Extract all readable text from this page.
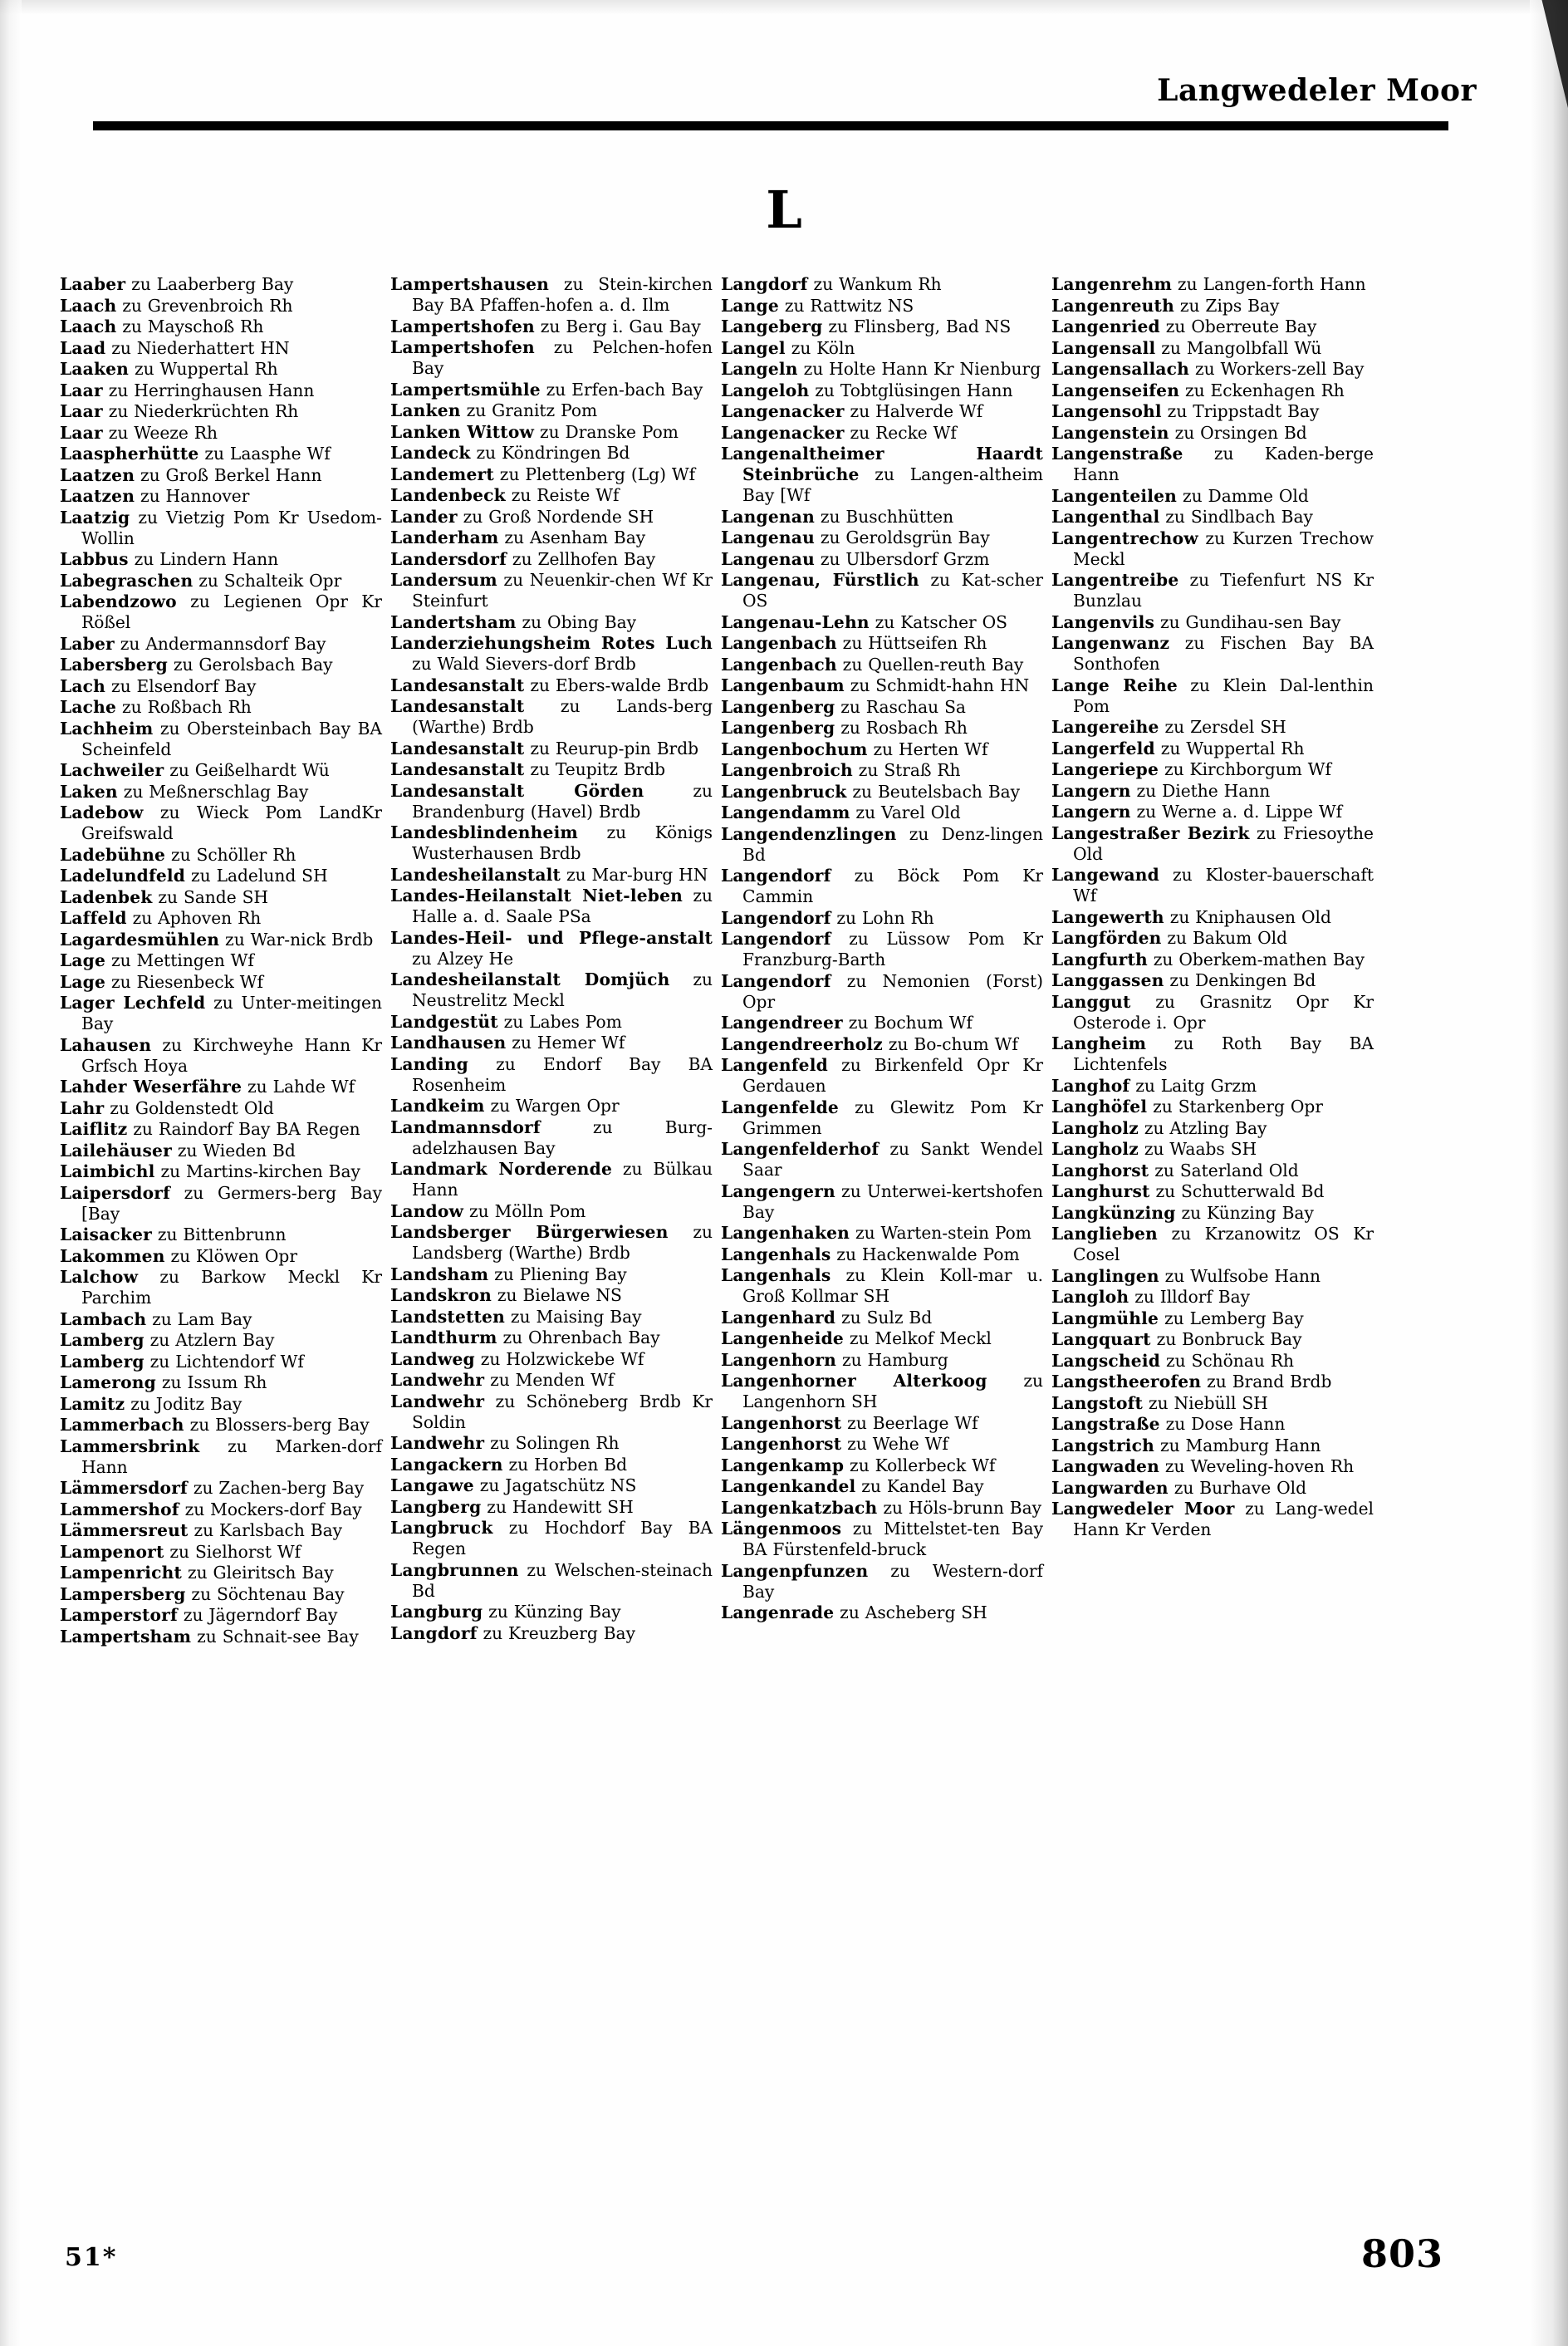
Langwedeler Moor
L

Laaber zu Laaberberg Bay

Laach zu Grevenbroich Rh

Laach zu Mayschoß Rh

Laad zu Niederhattert HN

Laaken zu Wuppertal Rh

Laar zu Herringhausen Hann

Laar zu Niederkrüchten Rh

Laar zu Weeze Rh

Laaspherhütte zu Laasphe Wf

Laatzen zu Groß Berkel Hann

Laatzen zu Hannover

Laatzig zu Vietzig Pom Kr Usedom-Wollin

Labbus zu Lindern Hann

Labegraschen zu Schalteik Opr

Labendzowo zu Legienen Opr Kr Rößel

Laber zu Andermannsdorf Bay

Labersberg zu Gerolsbach Bay

Lach zu Elsendorf Bay

Lache zu Roßbach Rh

Lachheim zu Obersteinbach Bay BA Scheinfeld

Lachweiler zu Geißelhardt Wü

Laken zu Meßnerschlag Bay

Ladebow zu Wieck Pom LandKr Greifswald

Ladebühne zu Schöller Rh

Ladelundfeld zu Ladelund SH

Ladenbek zu Sande SH

Laffeld zu Aphoven Rh

Lagardesmühlen zu War-nick Brdb

Lage zu Mettingen Wf

Lage zu Riesenbeck Wf

Lager Lechfeld zu Unter-meitingen Bay

Lahausen zu Kirchweyhe Hann Kr Grfsch Hoya

Lahder Weserfähre zu Lahde Wf

Lahr zu Goldenstedt Old

Laiflitz zu Raindorf Bay BA Regen

Lailehäuser zu Wieden Bd

Laimbichl zu Martins-kirchen Bay

Laipersdorf zu Germers-berg Bay [Bay

Laisacker zu Bittenbrunn

Lakommen zu Klöwen Opr

Lalchow zu Barkow Meckl Kr Parchim

Lambach zu Lam Bay

Lamberg zu Atzlern Bay

Lamberg zu Lichtendorf Wf

Lamerong zu Issum Rh

Lamitz zu Joditz Bay

Lammerbach zu Blossers-berg Bay

Lammersbrink zu Marken-dorf Hann

Lämmersdorf zu Zachen-berg Bay

Lammershof zu Mockers-dorf Bay

Lämmersreut zu Karlsbach Bay

Lampenort zu Sielhorst Wf

Lampenricht zu Gleiritsch Bay

Lampersberg zu Söchtenau Bay

Lamperstorf zu Jägerndorf Bay

Lampertsham zu Schnait-see Bay

Lampertshausen zu Stein-kirchen Bay BA Pfaffen-hofen a. d. Ilm

Lampertshofen zu Berg i. Gau Bay

Lampertshofen zu Pelchen-hofen Bay

Lampertsmühle zu Erfen-bach Bay

Lanken zu Granitz Pom

Lanken Wittow zu Dranske Pom

Landeck zu Köndringen Bd

Landemert zu Plettenberg (Lg) Wf

Landenbeck zu Reiste Wf

Lander zu Groß Nordende SH

Landerham zu Asenham Bay

Landersdorf zu Zellhofen Bay

Landersum zu Neuenkir-chen Wf Kr Steinfurt

Landertsham zu Obing Bay

Landerziehungsheim Rotes Luch zu Wald Sievers-dorf Brdb

Landesanstalt zu Ebers-walde Brdb

Landesanstalt zu Lands-berg (Warthe) Brdb

Landesanstalt zu Reurup-pin Brdb

Landesanstalt zu Teupitz Brdb

Landesanstalt Görden zu Brandenburg (Havel) Brdb

Landesblindenheim zu Königs Wusterhausen Brdb

Landesheilanstalt zu Mar-burg HN

Landes-Heilanstalt Niet-leben zu Halle a. d. Saale PSa

Landes-Heil- und Pflege-anstalt zu Alzey He

Landesheilanstalt Domjüch zu Neustrelitz Meckl

Landgestüt zu Labes Pom

Landhausen zu Hemer Wf

Landing zu Endorf Bay BA Rosenheim

Landkeim zu Wargen Opr

Landmannsdorf zu Burg-adelzhausen Bay

Landmark Norderende zu Bülkau Hann

Landow zu Mölln Pom

Landsberger Bürgerwiesen zu Landsberg (Warthe) Brdb

Landsham zu Pliening Bay

Landskron zu Bielawe NS

Landstetten zu Maising Bay

Landthurm zu Ohrenbach Bay

Landweg zu Holzwickebe Wf

Landwehr zu Menden Wf

Landwehr zu Schöneberg Brdb Kr Soldin

Landwehr zu Solingen Rh

Langackern zu Horben Bd

Langawe zu Jagatschütz NS

Langberg zu Handewitt SH

Langbruck zu Hochdorf Bay BA Regen

Langbrunnen zu Welschen-steinach Bd

Langburg zu Künzing Bay

Langdorf zu Kreuzberg Bay

Langdorf zu Wankum Rh

Lange zu Rattwitz NS

Langeberg zu Flinsberg, Bad NS

Langel zu Köln

Langeln zu Holte Hann Kr Nienburg

Langeloh zu Tobtglüsingen Hann

Langenacker zu Halverde Wf

Langenacker zu Recke Wf

Langenaltheimer Haardt Steinbrüche zu Langen-altheim Bay [Wf

Langenan zu Buschhütten

Langenau zu Geroldsgrün Bay

Langenau zu Ulbersdorf Grzm

Langenau, Fürstlich zu Kat-scher OS

Langenau-Lehn zu Katscher OS

Langenbach zu Hüttseifen Rh

Langenbach zu Quellen-reuth Bay

Langenbaum zu Schmidt-hahn HN

Langenberg zu Raschau Sa

Langenberg zu Rosbach Rh

Langenbochum zu Herten Wf

Langenbroich zu Straß Rh

Langenbruck zu Beutelsbach Bay

Langendamm zu Varel Old

Langendenzlingen zu Denz-lingen Bd

Langendorf zu Böck Pom Kr Cammin

Langendorf zu Lohn Rh

Langendorf zu Lüssow Pom Kr Franzburg-Barth

Langendorf zu Nemonien (Forst) Opr

Langendreer zu Bochum Wf

Langendreerholz zu Bo-chum Wf

Langenfeld zu Birkenfeld Opr Kr Gerdauen

Langenfelde zu Glewitz Pom Kr Grimmen

Langenfelderhof zu Sankt Wendel Saar

Langengern zu Unterwei-kertshofen Bay

Langenhaken zu Warten-stein Pom

Langenhals zu Hackenwalde Pom

Langenhals zu Klein Koll-mar u. Groß Kollmar SH

Langenhard zu Sulz Bd

Langenheide zu Melkof Meckl

Langenhorn zu Hamburg

Langenhorner Alterkoog zu Langenhorn SH

Langenhorst zu Beerlage Wf

Langenhorst zu Wehe Wf

Langenkamp zu Kollerbeck Wf

Langenkandel zu Kandel Bay

Langenkatzbach zu Höls-brunn Bay

Längenmoos zu Mittelstet-ten Bay BA Fürstenfeld-bruck

Langenpfunzen zu Western-dorf Bay

Langenrade zu Ascheberg SH

Langenrehm zu Langen-forth Hann

Langenreuth zu Zips Bay

Langenried zu Oberreute Bay

Langensall zu Mangolbfall Wü

Langensallach zu Workers-zell Bay

Langenseifen zu Eckenhagen Rh

Langensohl zu Trippstadt Bay

Langenstein zu Orsingen Bd

Langenstraße zu Kaden-berge Hann

Langenteilen zu Damme Old

Langenthal zu Sindlbach Bay

Langentrechow zu Kurzen Trechow Meckl

Langentreibe zu Tiefenfurt NS Kr Bunzlau

Langenvils zu Gundihau-sen Bay

Langenwanz zu Fischen Bay BA Sonthofen

Lange Reihe zu Klein Dal-lenthin Pom

Langereihe zu Zersdel SH

Langerfeld zu Wuppertal Rh

Langeriepe zu Kirchborgum Wf

Langern zu Diethe Hann

Langern zu Werne a. d. Lippe Wf

Langestraßer Bezirk zu Friesoythe Old

Langewand zu Kloster-bauerschaft Wf

Langewerth zu Kniphausen Old

Langförden zu Bakum Old

Langfurth zu Oberkem-mathen Bay

Langgassen zu Denkingen Bd

Langgut zu Grasnitz Opr Kr Osterode i. Opr

Langheim zu Roth Bay BA Lichtenfels

Langhof zu Laitg Grzm

Langhöfel zu Starkenberg Opr

Langholz zu Atzling Bay

Langholz zu Waabs SH

Langhorst zu Saterland Old

Langhurst zu Schutterwald Bd

Langkünzing zu Künzing Bay

Langlieben zu Krzanowitz OS Kr Cosel

Langlingen zu Wulfsobe Hann

Langloh zu Illdorf Bay

Langmühle zu Lemberg Bay

Langquart zu Bonbruck Bay

Langscheid zu Schönau Rh

Langstheerofen zu Brand Brdb

Langstoft zu Niebüll SH

Langstraße zu Dose Hann

Langstrich zu Mamburg Hann

Langwaden zu Weveling-hoven Rh

Langwarden zu Burhave Old

Langwedeler Moor zu Lang-wedel Hann Kr Verden

51*	803
